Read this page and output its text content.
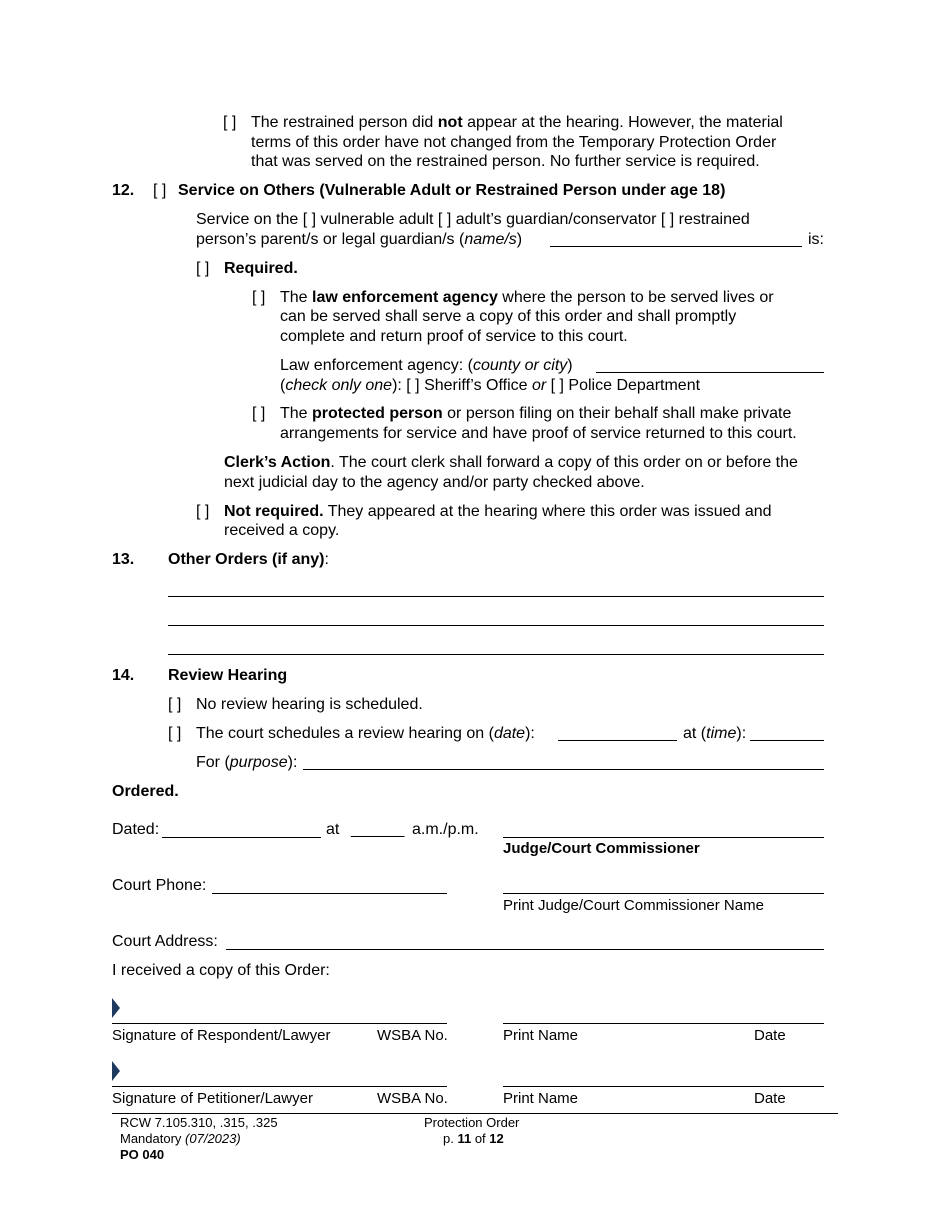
[ ] The restrained person did not appear at the hearing. However, the material
terms of this order have not changed from the Temporary Protection Order
that was served on the restrained person. No further service is required.
12. [ ] Service on Others (Vulnerable Adult or Restrained Person under age 18)
Service on the [ ] vulnerable adult [ ] adult’s guardian/conservator [ ] restrained
person’s parent/s or legal guardian/s (name/s)	is:
[ ] Required.
[ ] The law enforcement agency where the person to be served lives or
can be served shall serve a copy of this order and shall promptly
complete and return proof of service to this court.
Law enforcement agency: (county or city)
(check only one): [ ] Sheriff’s Office or [ ] Police Department
[ ] The protected person or person filing on their behalf shall make private
arrangements for service and have proof of service returned to this court.
Clerk’s Action. The court clerk shall forward a copy of this order on or before the
next judicial day to the agency and/or party checked above.
[ ] Not required. They appeared at the hearing where this order was issued and
received a copy.
13. Other Orders (if any):
14. Review Hearing
[ ] No review hearing is scheduled.
[ ] The court schedules a review hearing on (date):	at (time):
For (purpose):
Ordered.
Dated:	at ______ a.m./p.m.
Judge/Court Commissioner
Court Phone:
Print Judge/Court Commissioner Name
Court Address:
I received a copy of this Order:
Signature of Respondent/Lawyer	WSBA No.	Print Name	Date
Signature of Petitioner/Lawyer	WSBA No.	Print Name	Date
RCW 7.105.310, .315, .325
Mandatory (07/2023)
PO 040
Protection Order
p. 11 of 12
